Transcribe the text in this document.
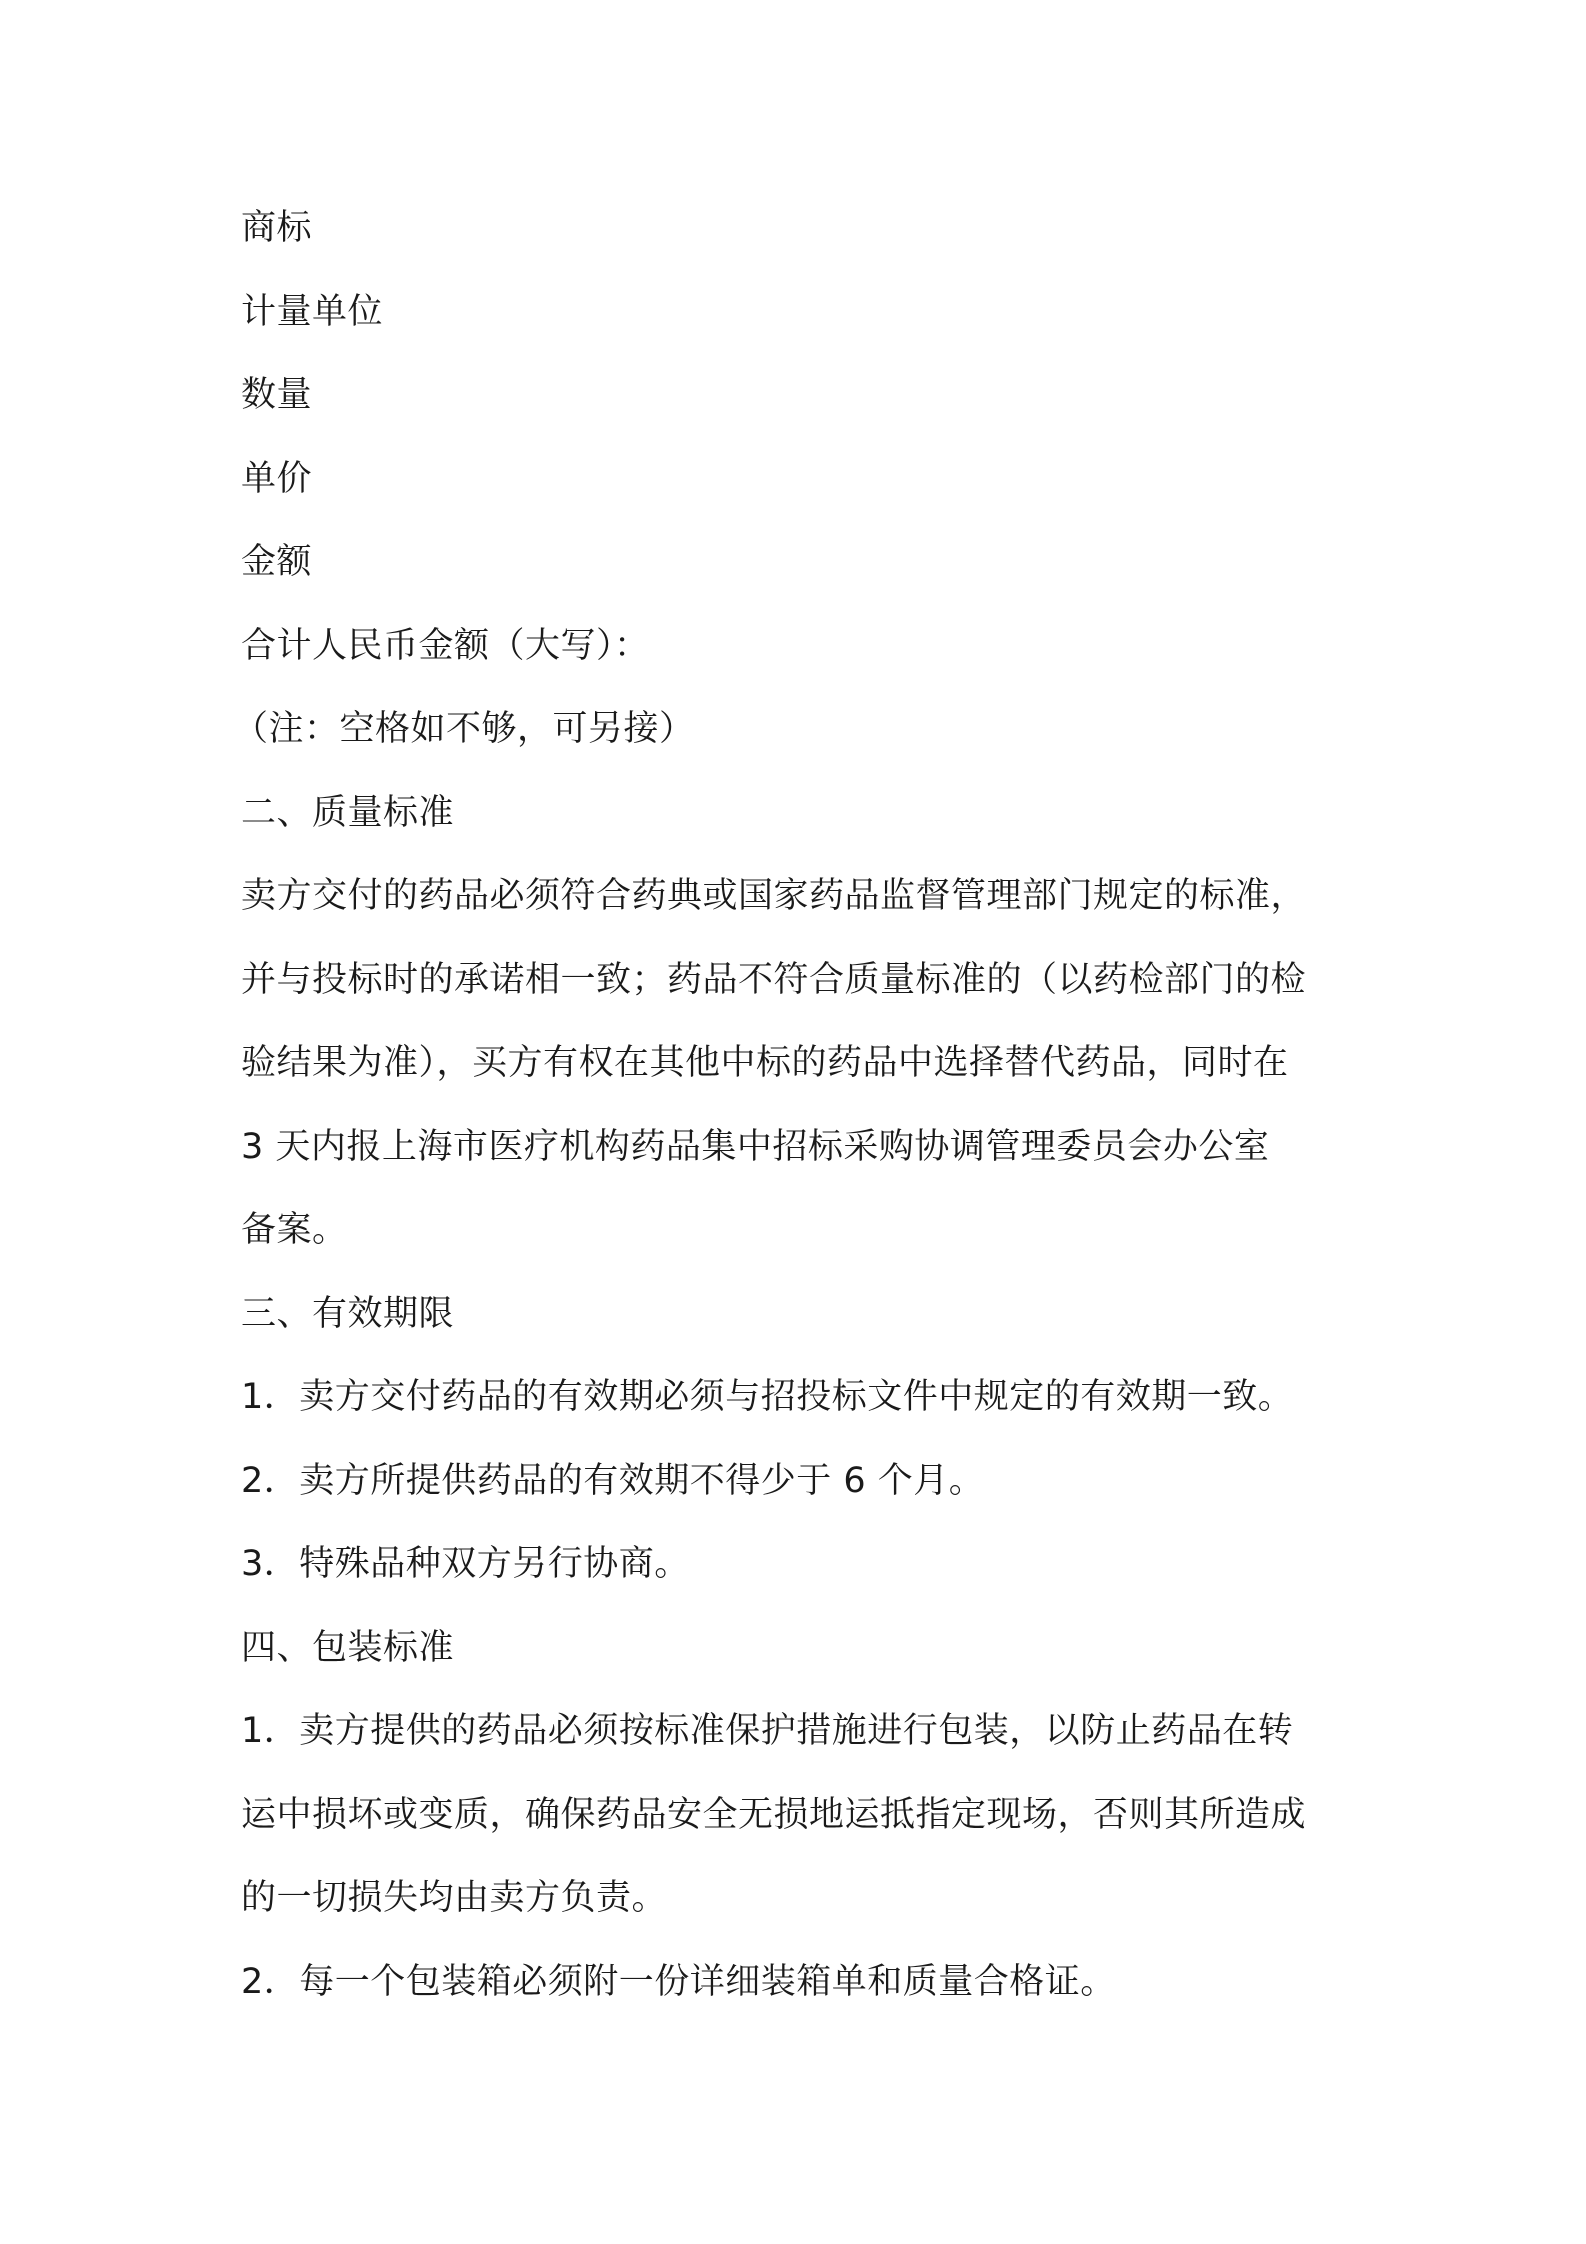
商标
计量单位
数量
单价
金额
合计人民币金额（大写）：
（注：空格如不够，可另接）
二、质量标准
卖方交付的药品必须符合药典或国家药品监督管理部门规定的标准，
并与投标时的承诺相一致；药品不符合质量标准的（以药检部门的检
验结果为准），买方有权在其他中标的药品中选择替代药品，同时在
3 天内报上海市医疗机构药品集中招标采购协调管理委员会办公室
备案。
三、有效期限
1．卖方交付药品的有效期必须与招投标文件中规定的有效期一致。
2．卖方所提供药品的有效期不得少于 6 个月。
3．特殊品种双方另行协商。
四、包装标准
1．卖方提供的药品必须按标准保护措施进行包装，以防止药品在转
运中损坏或变质，确保药品安全无损地运抵指定现场，否则其所造成
的一切损失均由卖方负责。
2．每一个包装箱必须附一份详细装箱单和质量合格证。
